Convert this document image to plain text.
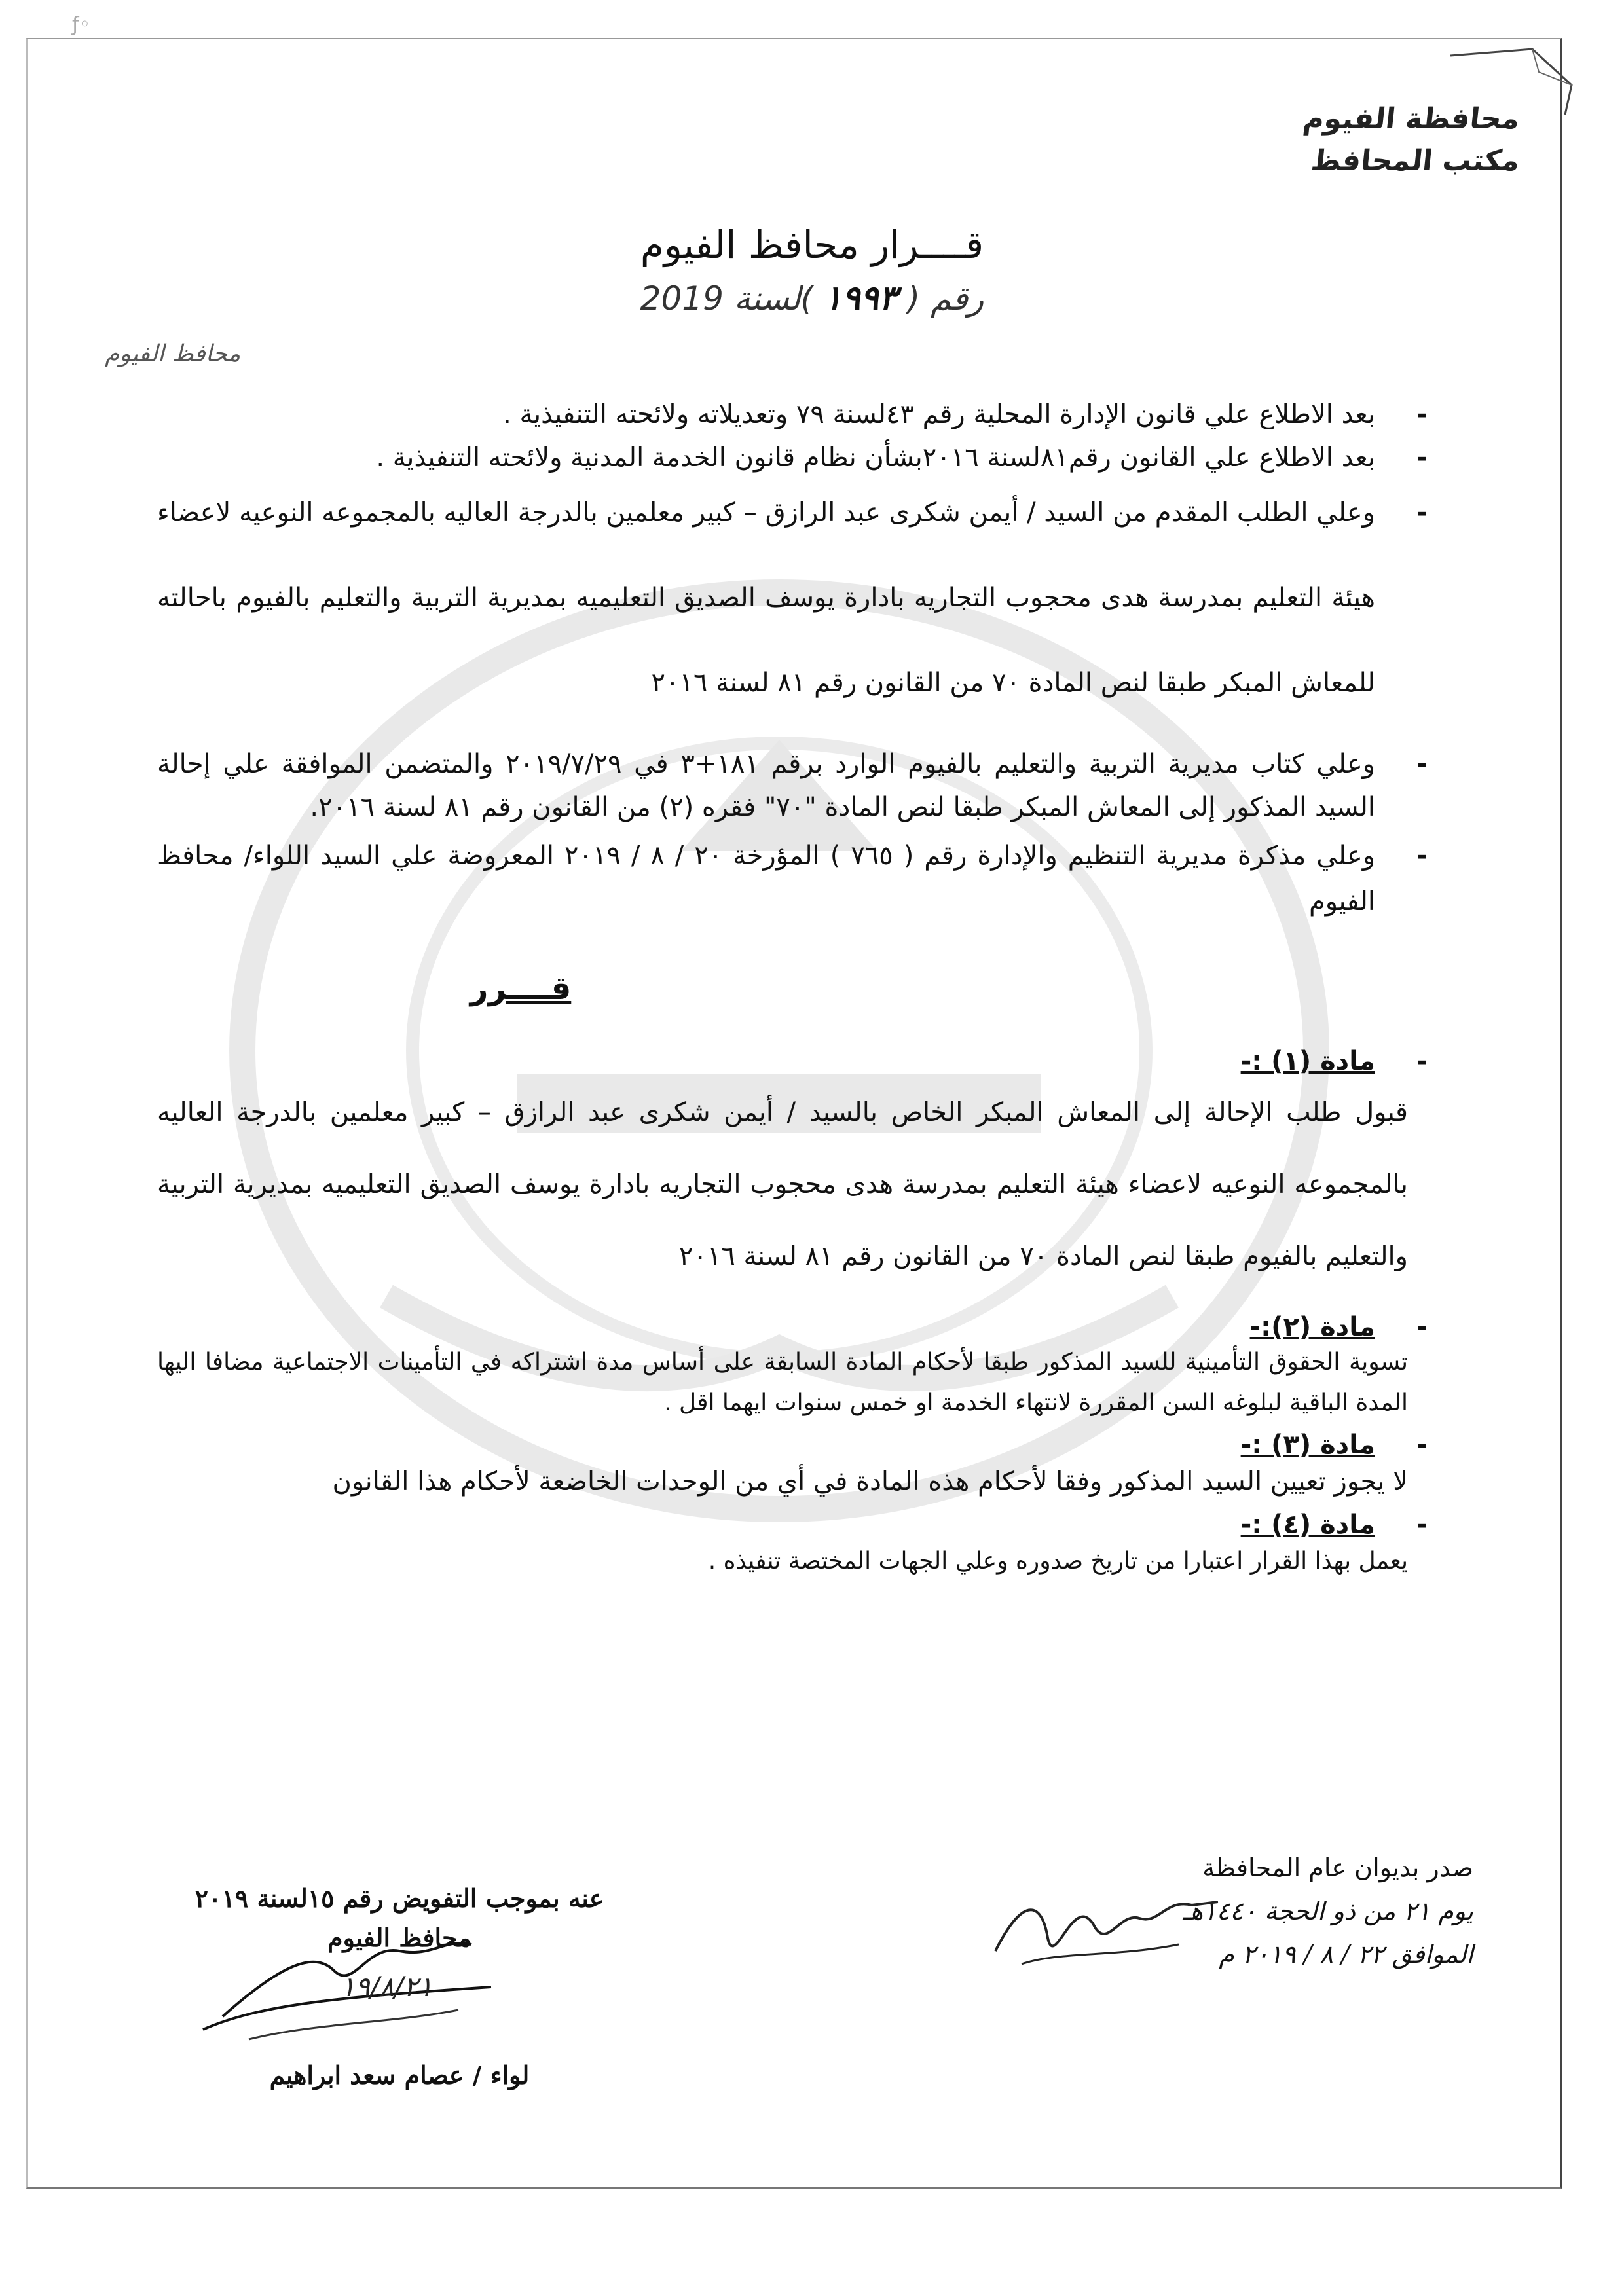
ƒ◦
محافظة الفيوم
مكتب المحافظ
قــــرار محافظ الفيوم
رقم ( ١٩٩٣ )لسنة 2019
محافظ الفيوم

- بعد الاطلاع علي قانون الإدارة المحلية رقم ٤٣لسنة ٧٩ وتعديلاته ولائحته التنفيذية .

- بعد الاطلاع علي القانون رقم٨١لسنة ٢٠١٦بشأن نظام قانون الخدمة المدنية ولائحته التنفيذية .

- وعلي الطلب المقدم من السيد / أيمن شكرى عبد الرازق – كبير معلمين بالدرجة العاليه بالمجموعه النوعيه لاعضاء هيئة التعليم بمدرسة هدى محجوب التجاريه بادارة يوسف الصديق التعليميه بمديرية التربية والتعليم بالفيوم باحالته للمعاش المبكر طبقا لنص المادة ٧٠ من القانون رقم ٨١ لسنة ٢٠١٦

- وعلي كتاب مديرية التربية والتعليم بالفيوم الوارد برقم ١٨١+٣ في ٢٠١٩/٧/٢٩ والمتضمن الموافقة علي إحالة السيد المذكور إلى المعاش المبكر طبقا لنص المادة "٧٠" فقره (٢) من القانون رقم ٨١ لسنة ٢٠١٦.

- وعلي مذكرة مديرية التنظيم والإدارة رقم ( ٧٦٥ ) المؤرخة ٢٠ / ٨ / ٢٠١٩ المعروضة علي السيد اللواء/ محافظ الفيوم

قــــرر
- مادة (١) :-

قبول طلب الإحالة إلى المعاش المبكر الخاص بالسيد / أيمن شكرى عبد الرازق – كبير معلمين بالدرجة العاليه بالمجموعه النوعيه لاعضاء هيئة التعليم بمدرسة هدى محجوب التجاريه بادارة يوسف الصديق التعليميه بمديرية التربية والتعليم بالفيوم طبقا لنص المادة ٧٠ من القانون رقم ٨١ لسنة ٢٠١٦

- مادة (٢):-

تسوية الحقوق التأمينية للسيد المذكور طبقا لأحكام المادة السابقة على أساس مدة اشتراكه في التأمينات الاجتماعية مضافا اليها المدة الباقية لبلوغه السن المقررة لانتهاء الخدمة او خمس سنوات ايهما اقل .

- مادة (٣) :-

لا يجوز تعيين السيد المذكور وفقا لأحكام هذه المادة في أي من الوحدات الخاضعة لأحكام هذا القانون

- مادة (٤) :-

يعمل بهذا القرار اعتبارا من تاريخ صدوره وعلي الجهات المختصة تنفيذه .

صدر بديوان عام المحافظة
يوم ٢١ من ذو الحجة ١٤٤٠هـ
الموافق ٢٢ / ٨ / ٢٠١٩ م
عنه بموجب التفويض رقم ١٥لسنة ٢٠١٩
محافظ الفيوم
لواء / عصام سعد ابراهيم
١٩/٨/٢١
